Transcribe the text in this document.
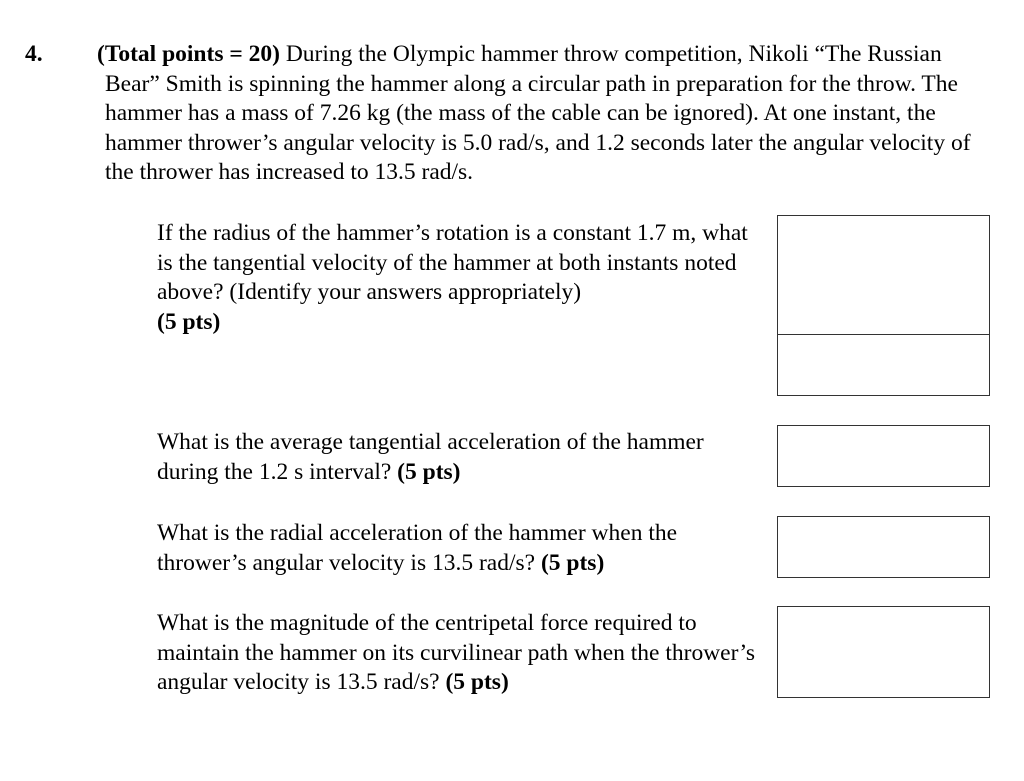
4. (Total points = 20) During the Olympic hammer throw competition, Nikoli “The Russian Bear” Smith is spinning the hammer along a circular path in preparation for the throw. The hammer has a mass of 7.26 kg (the mass of the cable can be ignored). At one instant, the hammer thrower’s angular velocity is 5.0 rad/s, and 1.2 seconds later the angular velocity of the thrower has increased to 13.5 rad/s.
If the radius of the hammer’s rotation is a constant 1.7 m, what is the tangential velocity of the hammer at both instants noted above? (Identify your answers appropriately)
(5 pts)
What is the average tangential acceleration of the hammer during the 1.2 s interval? (5 pts)
What is the radial acceleration of the hammer when the thrower’s angular velocity is 13.5 rad/s? (5 pts)
What is the magnitude of the centripetal force required to maintain the hammer on its curvilinear path when the thrower’s angular velocity is 13.5 rad/s? (5 pts)
